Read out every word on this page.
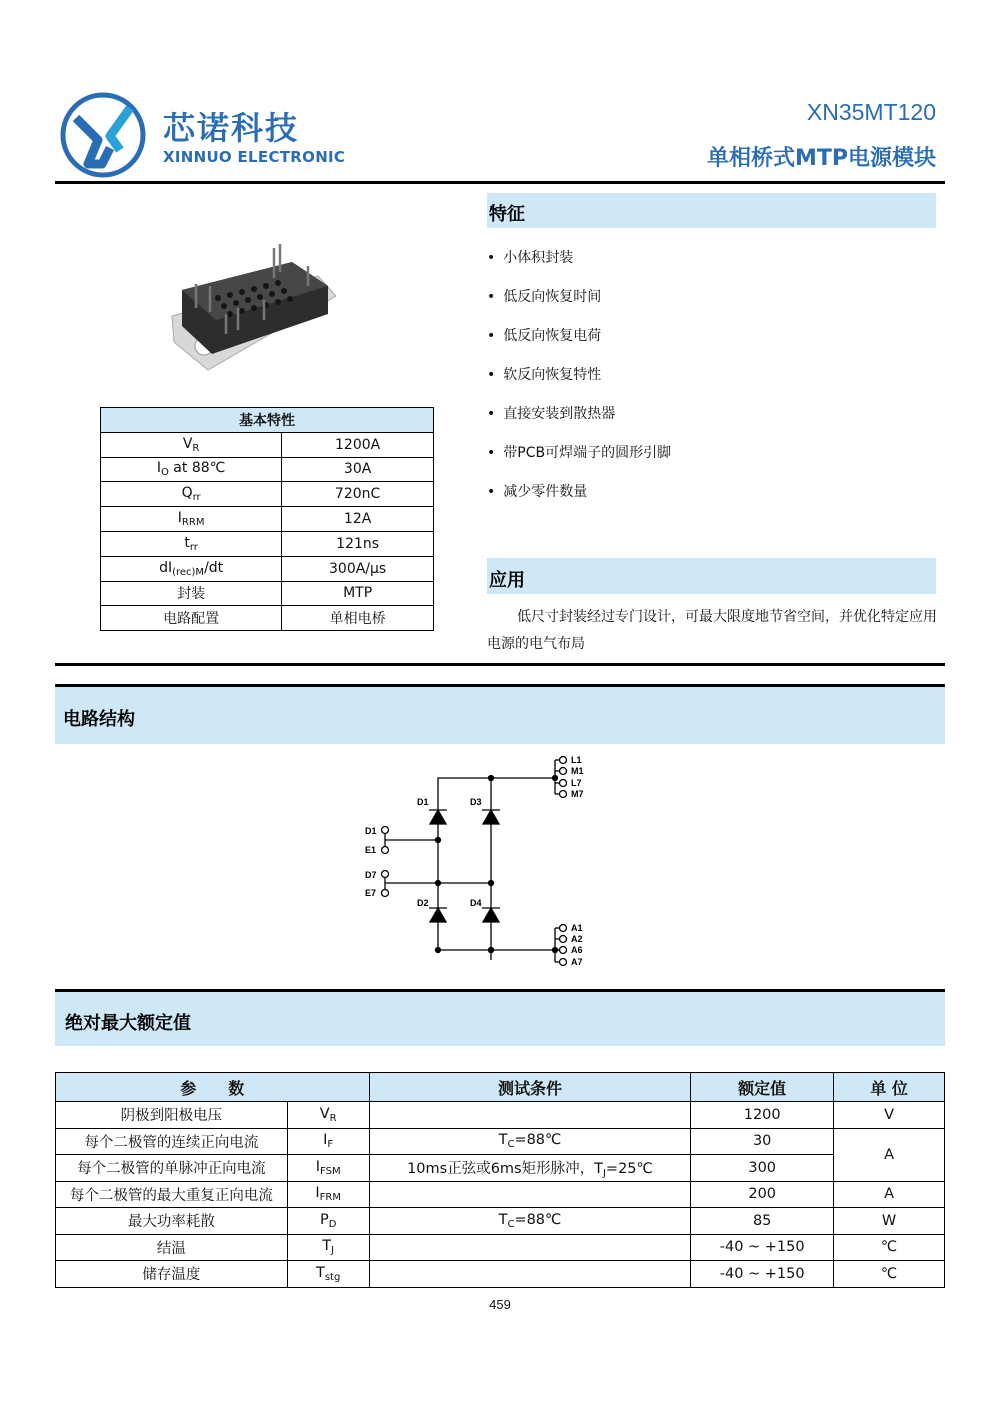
芯诺科技
XINNUO ELECTRONIC
XN35MT120
单相桥式MTP电源模块
基本特性	
$V_R$	1200A
$I_O$ at 88℃	30A
$Q_{rr}$	720nC
$I_{RRM}$	12A
$t_{rr}$	121ns
$dI_{(rec)M}/dt$	300A/μs
封装	MTP
电路配置	单相电桥
特征
• 小体积封装
• 低反向恢复时间
• 低反向恢复电荷
• 软反向恢复特性
• 直接安装到散热器
• 带PCB可焊端子的圆形引脚
• 减少零件数量
应用
低尺寸封装经过专门设计，可最大限度地节省空间，并优化特定应用电源的电气布局
电路结构
D1	D3
D2	D4
D1
E1
D7
E7
L1
M1
L7
M7
A1
A2
A6
A7
绝对最大额定值
参　　数		测试条件	额定值	单 位
阴极到阳极电压	$V_R$		1200	V
每个二极管的连续正向电流	$I_F$	$T_C=88℃$	30	A
每个二极管的单脉冲正向电流	$I_{FSM}$	10ms正弦或6ms矩形脉冲，$T_J=25℃$	300	
每个二极管的最大重复正向电流	$I_{FRM}$		200	A
最大功率耗散	$P_D$	$T_C=88℃$	85	W
结温	$T_J$		-40 ~ +150	℃
储存温度	$T_{stg}$		-40 ~ +150	℃
459
